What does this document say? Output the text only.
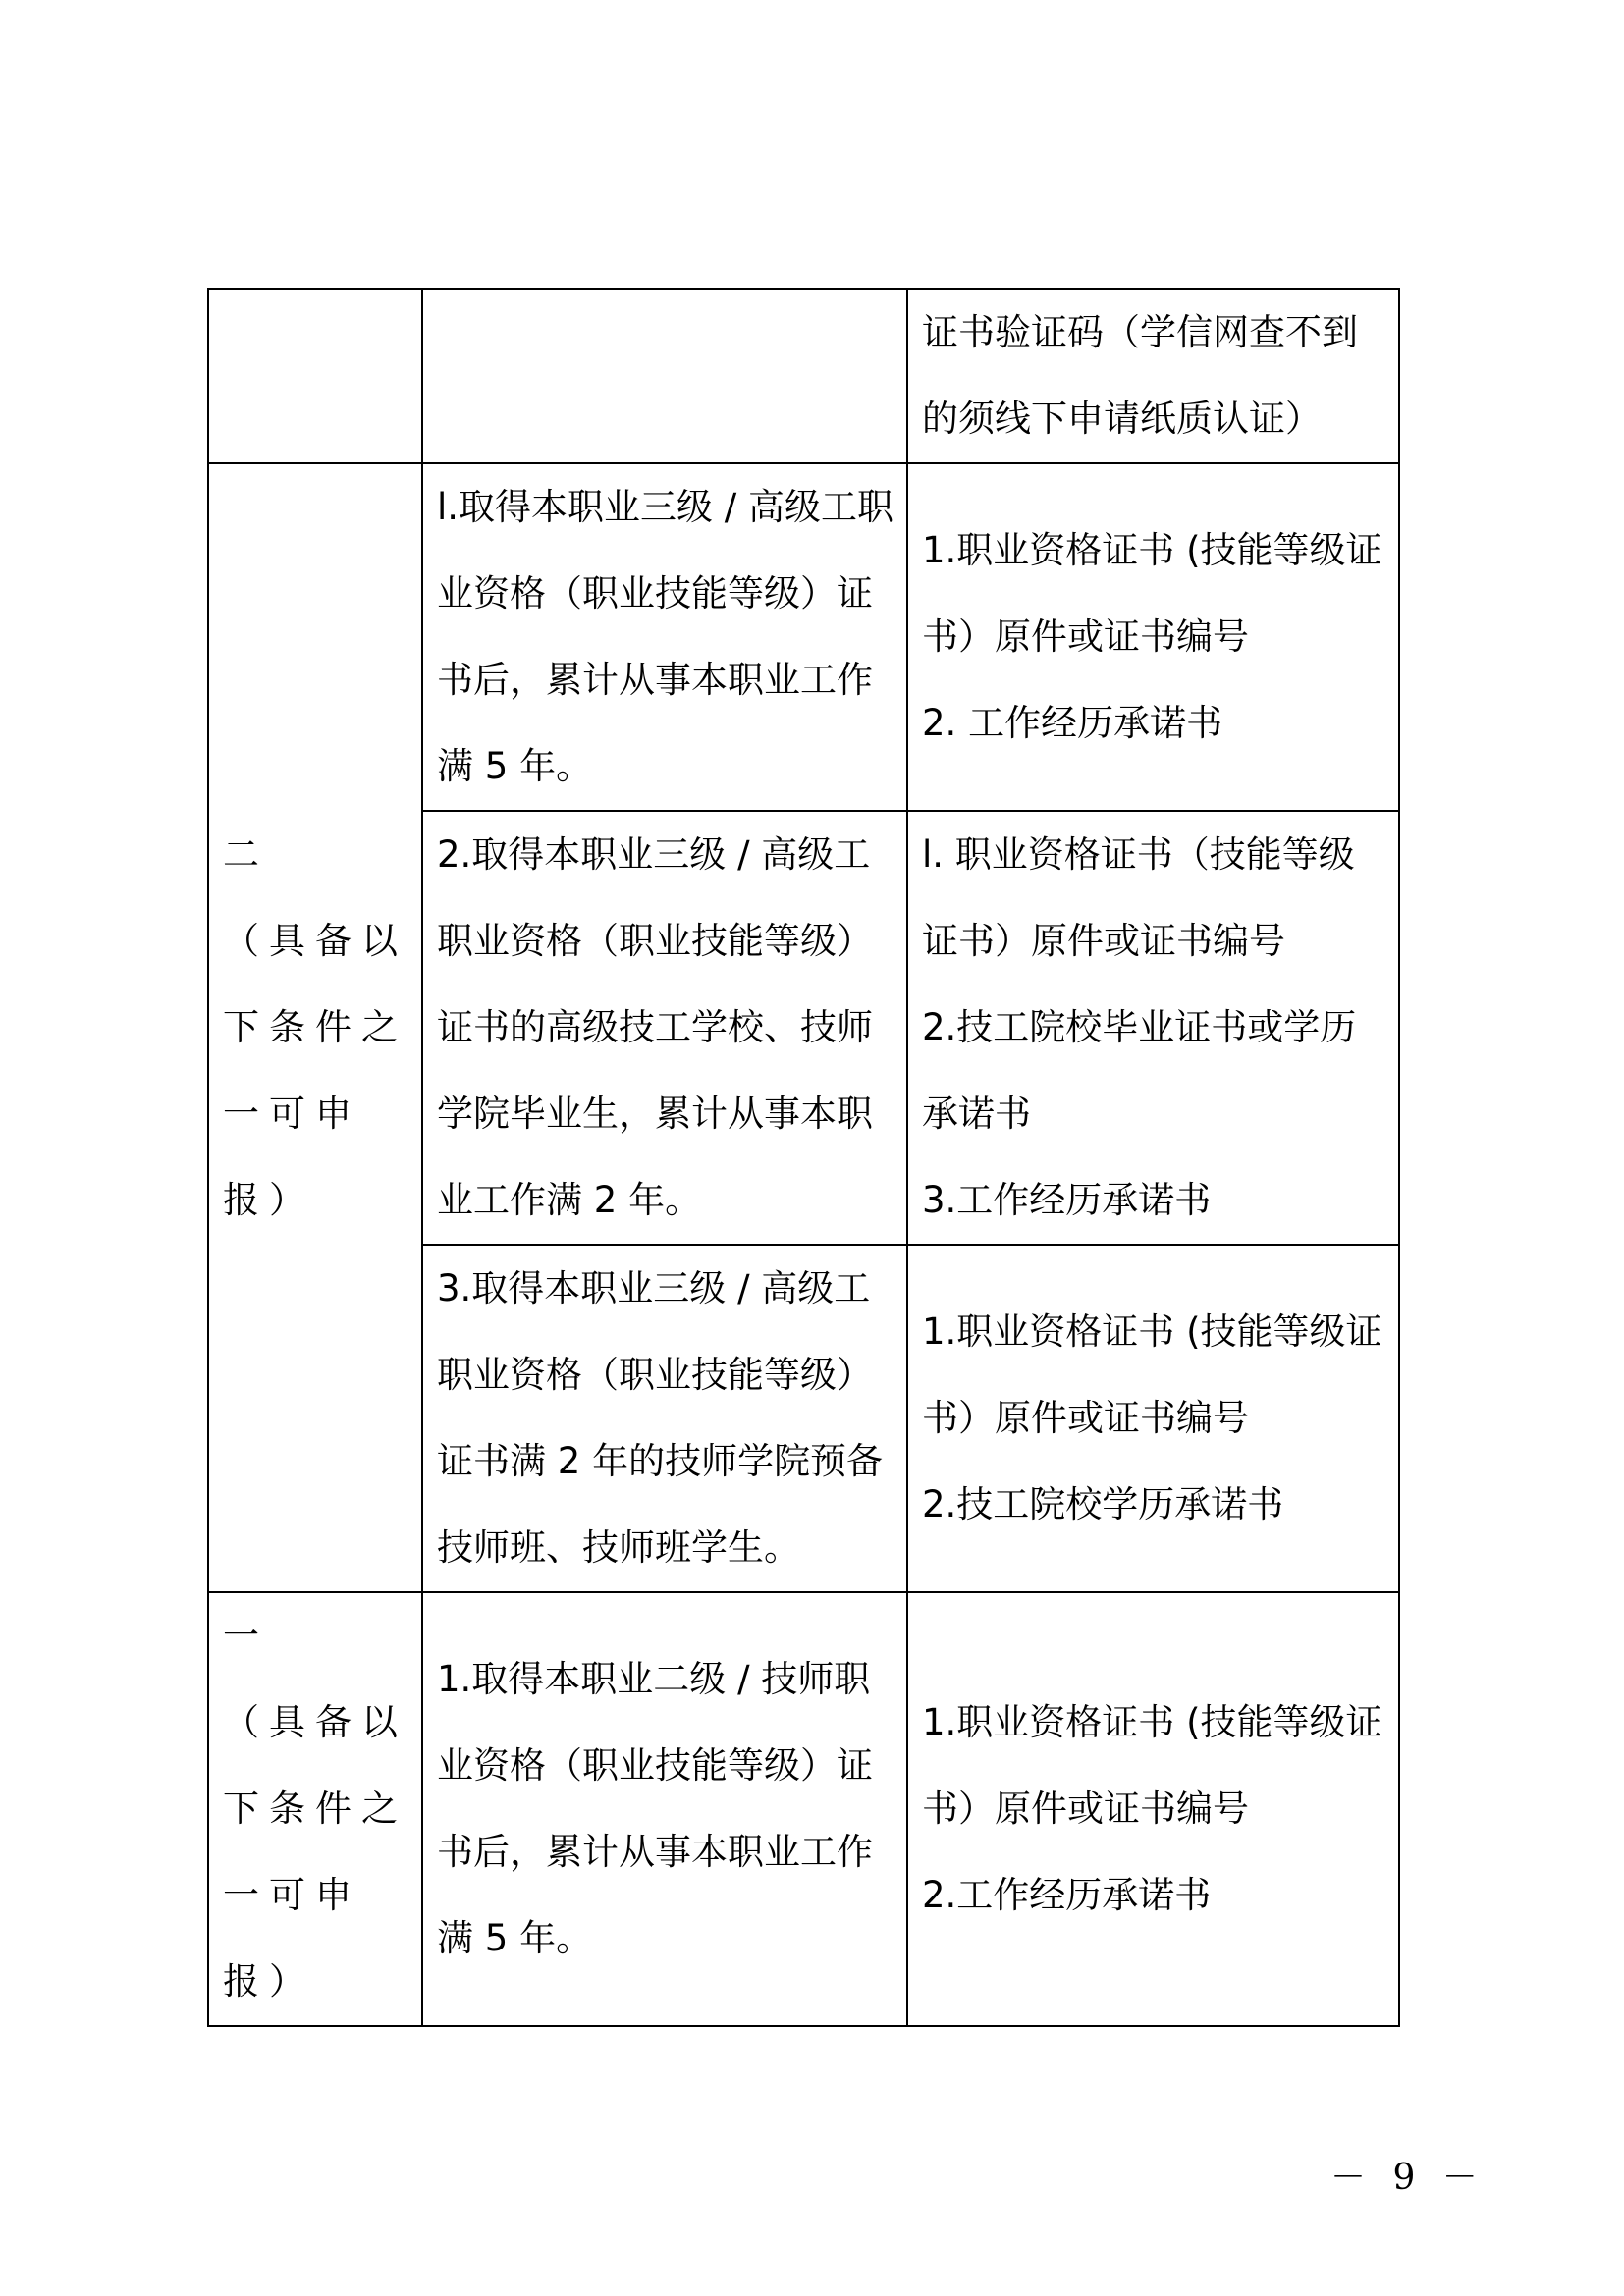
		证书验证码（学信网查不到
的须线下申请纸质认证）

二
（具备以下条件之一可申报）	l.取得本职业三级 / 高级工职业资格（职业技能等级）证书后，累计从事本职业工作满 5 年。	1.职业资格证书 (技能等级证书）原件或证书编号
2. 工作经历承诺书

	2.取得本职业三级 / 高级工职业资格（职业技能等级）证书的高级技工学校、技师学院毕业生，累计从事本职业工作满 2 年。	l. 职业资格证书（技能等级证书）原件或证书编号
2.技工院校毕业证书或学历承诺书
3.工作经历承诺书

	3.取得本职业三级 / 高级工职业资格（职业技能等级）证书满 2 年的技师学院预备技师班、技师班学生。	1.职业资格证书 (技能等级证书）原件或证书编号
2.技工院校学历承诺书

一
（具备以下条件之一可申报）	1.取得本职业二级 / 技师职业资格（职业技能等级）证书后，累计从事本职业工作满 5 年。	1.职业资格证书 (技能等级证书）原件或证书编号
2.工作经历承诺书
－ 9 －
